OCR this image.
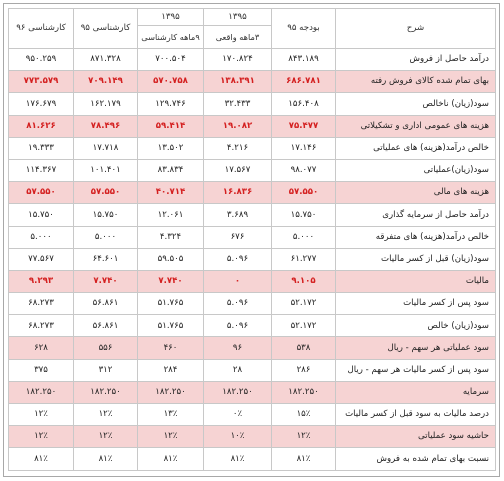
شرح	بودجه ۹۵	۱۳۹۵	۱۳۹۵	کارشناسی ۹۵	کارشناسی ۹۶
		۳ماهه واقعی	۹ماهه کارشناسی		
درآمد حاصل از فروش	۸۴۳.۱۸۹	۱۷۰.۸۲۴	۷۰۰.۵۰۴	۸۷۱.۳۲۸	۹۵۰.۲۵۹
بهای تمام شده کالای فروش رفته	۶۸۶.۷۸۱	۱۳۸.۳۹۱	۵۷۰.۷۵۸	۷۰۹.۱۴۹	۷۷۳.۵۷۹
سود(زیان) ناخالص	۱۵۶.۴۰۸	۳۲.۴۳۳	۱۲۹.۷۴۶	۱۶۲.۱۷۹	۱۷۶.۶۷۹
هزینه های عمومی اداری و تشکیلاتی	۷۵.۴۷۷	۱۹.۰۸۲	۵۹.۴۱۴	۷۸.۴۹۶	۸۱.۶۲۶
خالص درآمد(هزینه) های عملیاتی	۱۷.۱۴۶	۴.۲۱۶	۱۳.۵۰۲	۱۷.۷۱۸	۱۹.۳۳۳
سود(زیان)عملیاتی	۹۸.۰۷۷	۱۷.۵۶۷	۸۳.۸۳۴	۱۰۱.۴۰۱	۱۱۴.۳۶۷
هزینه های مالی	۵۷.۵۵۰	۱۶.۸۳۶	۴۰.۷۱۴	۵۷.۵۵۰	۵۷.۵۵۰
درآمد حاصل از سرمایه گذاری	۱۵.۷۵۰	۳.۶۸۹	۱۲.۰۶۱	۱۵.۷۵۰	۱۵.۷۵۰
خالص درآمد(هزینه) های متفرقه	۵.۰۰۰	۶۷۶	۴.۳۲۴	۵.۰۰۰	۵.۰۰۰
سود(زیان) قبل از کسر مالیات	۶۱.۲۷۷	۵.۰۹۶	۵۹.۵۰۵	۶۴.۶۰۱	۷۷.۵۶۷
مالیات	۹.۱۰۵	۰	۷.۷۴۰	۷.۷۴۰	۹.۲۹۳
سود پس از کسر مالیات	۵۲.۱۷۲	۵.۰۹۶	۵۱.۷۶۵	۵۶.۸۶۱	۶۸.۲۷۳
سود(زیان) خالص	۵۲.۱۷۲	۵.۰۹۶	۵۱.۷۶۵	۵۶.۸۶۱	۶۸.۲۷۳
سود عملیاتی هر سهم - ریال	۵۳۸	۹۶	۴۶۰	۵۵۶	۶۲۸
سود پس از کسر مالیات هر سهم - ریال	۲۸۶	۲۸	۲۸۴	۳۱۲	۳۷۵
سرمایه	۱۸۲.۲۵۰	۱۸۲.۲۵۰	۱۸۲.۲۵۰	۱۸۲.۲۵۰	۱۸۲.۲۵۰
درصد مالیات به سود قبل از کسر مالیات	۱۵٪	۰٪	۱۳٪	۱۲٪	۱۲٪
حاشیه سود عملیاتی	۱۲٪	۱۰٪	۱۲٪	۱۲٪	۱۲٪
نسبت بهای تمام شده به فروش	۸۱٪	۸۱٪	۸۱٪	۸۱٪	۸۱٪
